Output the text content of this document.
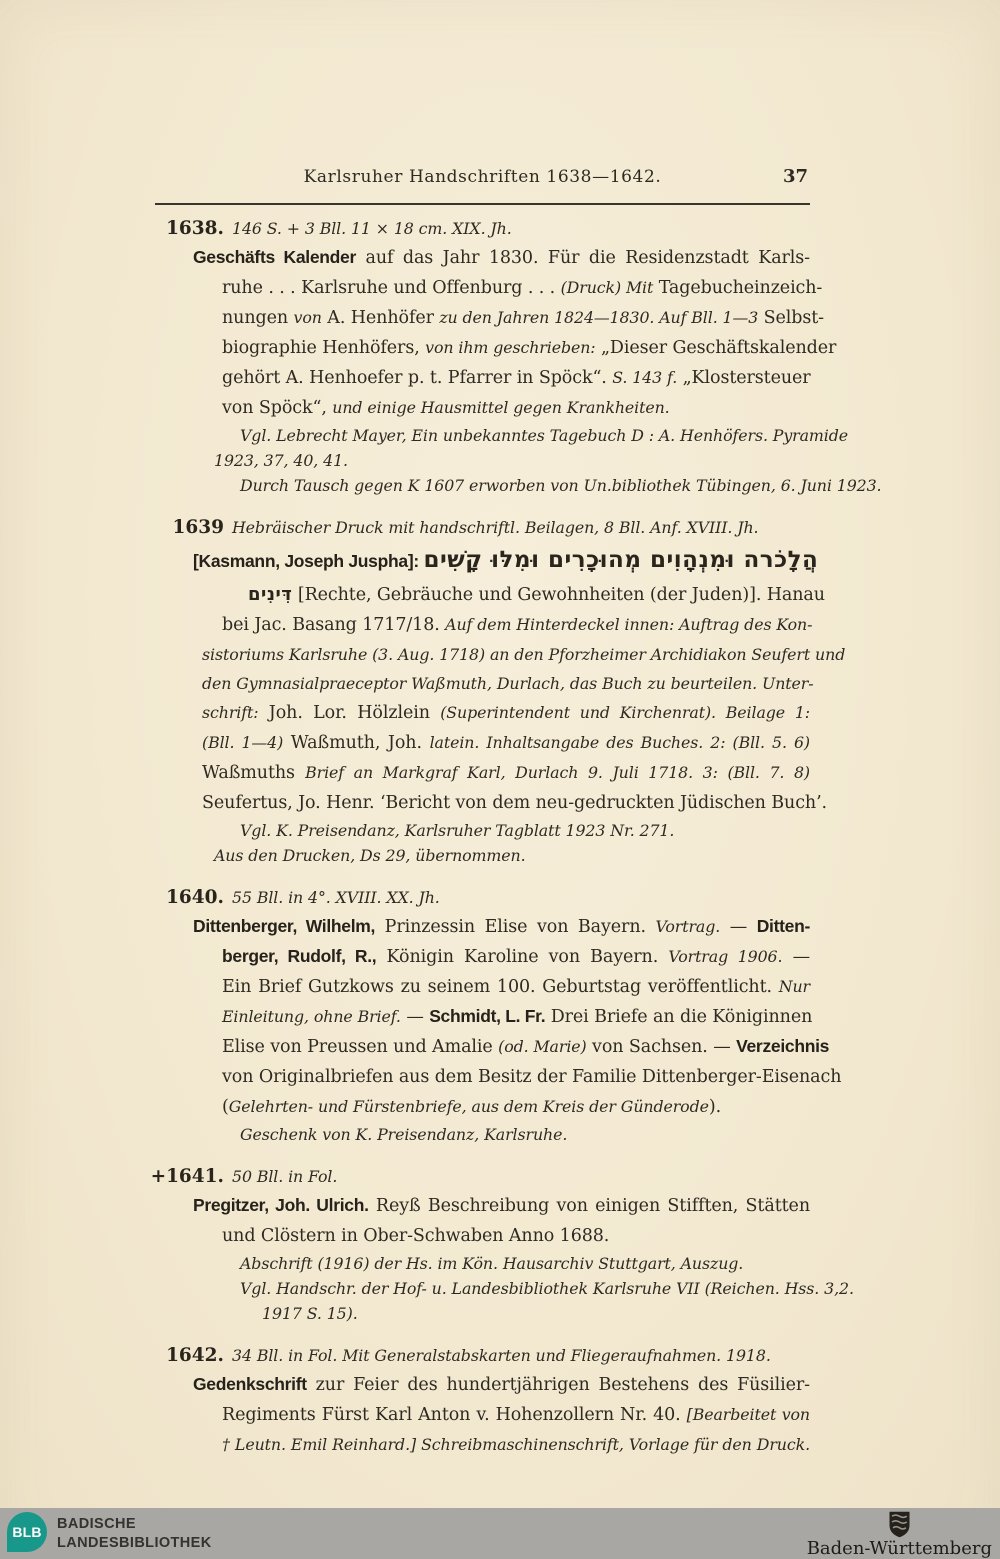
Karlsruher Handschriften 1638—1642.	37
1638. 146 S. + 3 Bll. 11 × 18 cm. XIX. Jh.
Geschäfts Kalender auf das Jahr 1830. Für die Residenzstadt Karls-
ruhe . . . Karlsruhe und Offenburg . . . (Druck) Mit Tagebucheinzeich-
nungen von A. Henhöfer zu den Jahren 1824—1830. Auf Bll. 1—3 Selbst-
biographie Henhöfers, von ihm geschrieben: „Dieser Geschäftskalender
gehört A. Henhoefer p. t. Pfarrer in Spöck“. S. 143 f. „Klostersteuer
von Spöck“, und einige Hausmittel gegen Krankheiten.
Vgl. Lebrecht Mayer, Ein unbekanntes Tagebuch D : A. Henhöfers. Pyramide
1923, 37, 40, 41.
Durch Tausch gegen K 1607 erworben von Un.bibliothek Tübingen, 6. Juni 1923.
1639 Hebräischer Druck mit handschriftl. Beilagen, 8 Bll. Anf. XVIII. Jh.
[Kasmann, Joseph Juspha]: הֲלָכֹרה וּמִנְהָוִים מְהוּכָרִים וּמִלּוּ קָשִׁים
דִּינִים [Rechte, Gebräuche und Gewohnheiten (der Juden)]. Hanau
bei Jac. Basang 1717/18. Auf dem Hinterdeckel innen: Auftrag des Kon-
sistoriums Karlsruhe (3. Aug. 1718) an den Pforzheimer Archidiakon Seufert und
den Gymnasialpraeceptor Waßmuth, Durlach, das Buch zu beurteilen. Unter-
schrift: Joh. Lor. Hölzlein (Superintendent und Kirchenrat). Beilage 1:
(Bll. 1—4) Waßmuth, Joh. latein. Inhaltsangabe des Buches. 2: (Bll. 5. 6)
Waßmuths Brief an Markgraf Karl, Durlach 9. Juli 1718. 3: (Bll. 7. 8)
Seufertus, Jo. Henr. ‘Bericht von dem neu-gedruckten Jüdischen Buch’.
Vgl. K. Preisendanz, Karlsruher Tagblatt 1923 Nr. 271.
Aus den Drucken, Ds 29, übernommen.
1640. 55 Bll. in 4°. XVIII. XX. Jh.
Dittenberger, Wilhelm, Prinzessin Elise von Bayern. Vortrag. — Ditten-
berger, Rudolf, R., Königin Karoline von Bayern. Vortrag 1906. —
Ein Brief Gutzkows zu seinem 100. Geburtstag veröffentlicht. Nur
Einleitung, ohne Brief. — Schmidt, L. Fr. Drei Briefe an die Königinnen
Elise von Preussen und Amalie (od. Marie) von Sachsen. — Verzeichnis
von Originalbriefen aus dem Besitz der Familie Dittenberger-Eisenach
(Gelehrten- und Fürstenbriefe, aus dem Kreis der Günderode).
Geschenk von K. Preisendanz, Karlsruhe.
+1641. 50 Bll. in Fol.
Pregitzer, Joh. Ulrich. Reyß Beschreibung von einigen Stifften, Stätten
und Clöstern in Ober-Schwaben Anno 1688.
Abschrift (1916) der Hs. im Kön. Hausarchiv Stuttgart, Auszug.
Vgl. Handschr. der Hof- u. Landesbibliothek Karlsruhe VII (Reichen. Hss. 3,2.
1917 S. 15).
1642. 34 Bll. in Fol. Mit Generalstabskarten und Fliegeraufnahmen. 1918.
Gedenkschrift zur Feier des hundertjährigen Bestehens des Füsilier-
Regiments Fürst Karl Anton v. Hohenzollern Nr. 40. [Bearbeitet von
† Leutn. Emil Reinhard.] Schreibmaschinenschrift, Vorlage für den Druck.
BLB BADISCHE
LANDESBIBLIOTHEK	Baden-Württemberg
